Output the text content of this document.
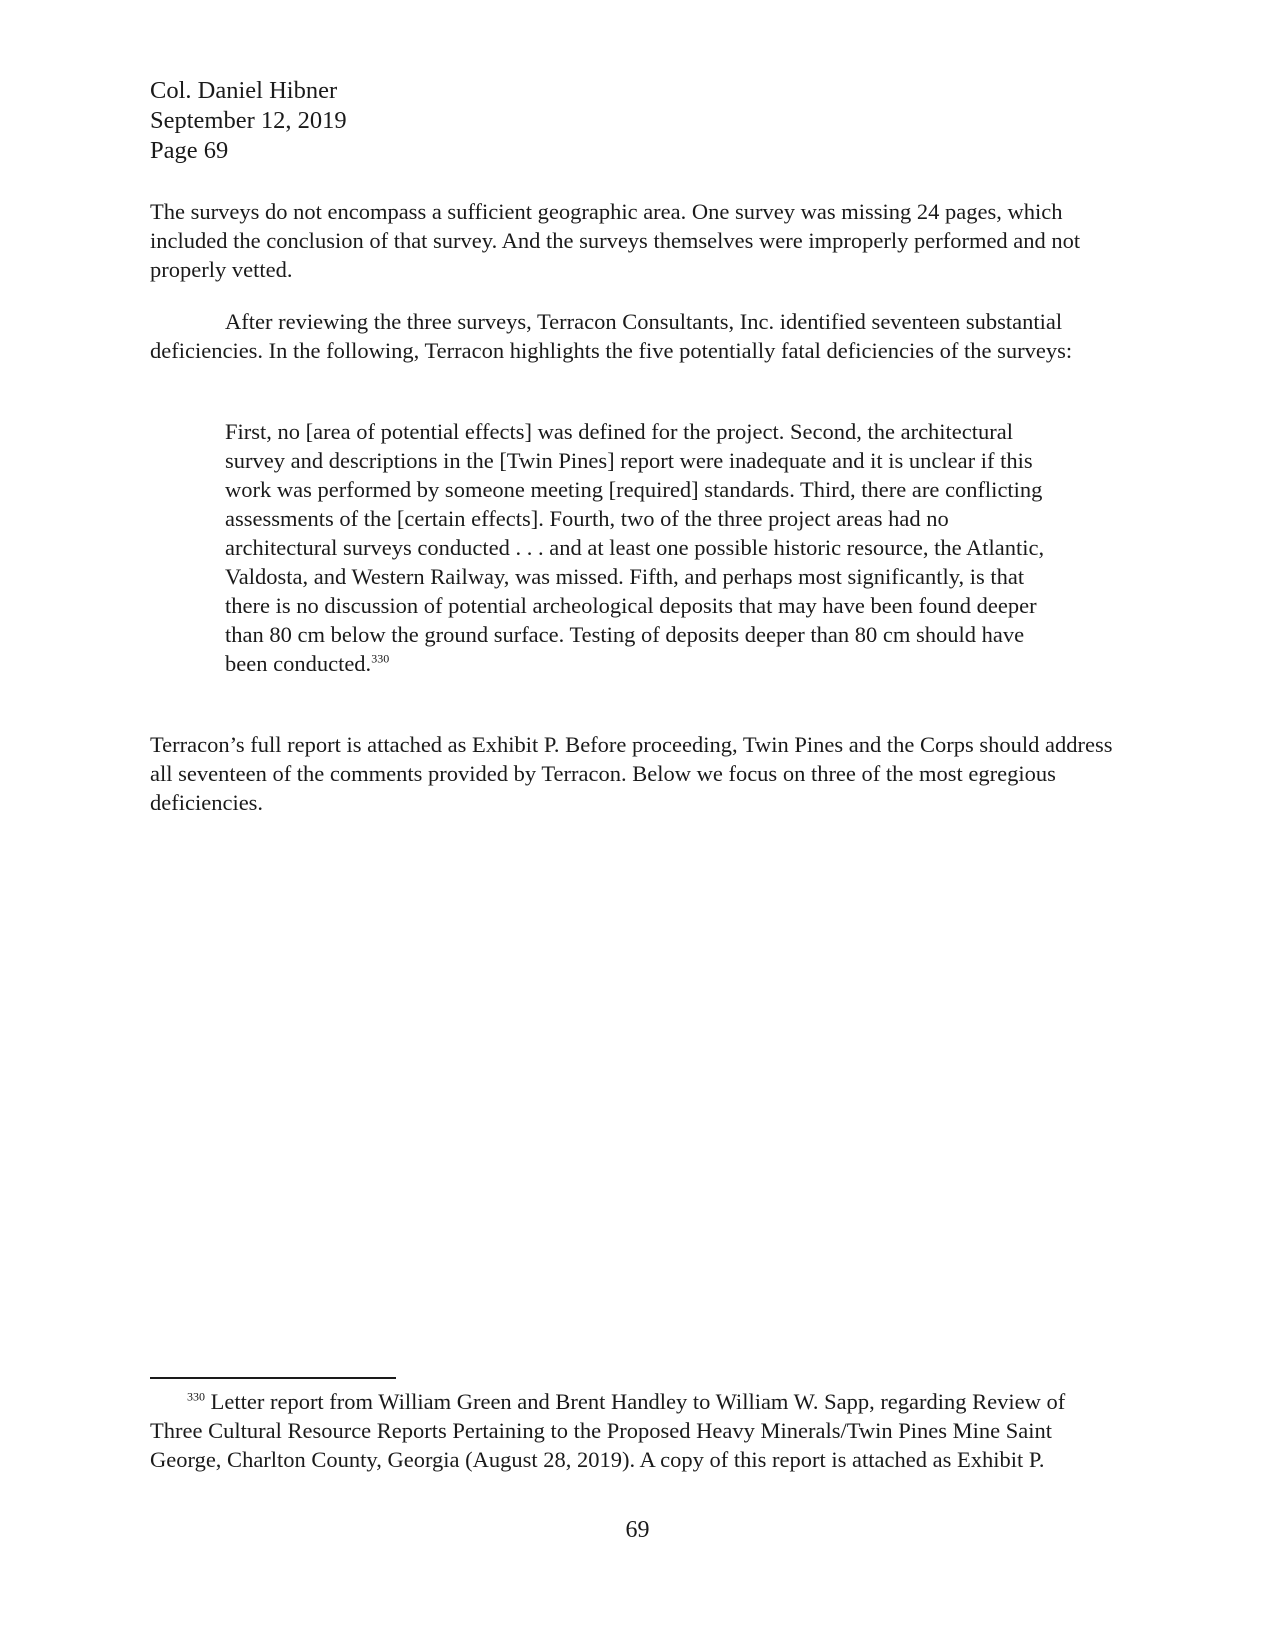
Col. Daniel Hibner
September 12, 2019
Page 69

The surveys do not encompass a sufficient geographic area. One survey was missing 24 pages, which included the conclusion of that survey. And the surveys themselves were improperly performed and not properly vetted.

After reviewing the three surveys, Terracon Consultants, Inc. identified seventeen substantial deficiencies. In the following, Terracon highlights the five potentially fatal deficiencies of the surveys:

First, no [area of potential effects] was defined for the project. Second, the architectural survey and descriptions in the [Twin Pines] report were inadequate and it is unclear if this work was performed by someone meeting [required] standards. Third, there are conflicting assessments of the [certain effects]. Fourth, two of the three project areas had no architectural surveys conducted . . . and at least one possible historic resource, the Atlantic, Valdosta, and Western Railway, was missed. Fifth, and perhaps most significantly, is that there is no discussion of potential archeological deposits that may have been found deeper than 80 cm below the ground surface. Testing of deposits deeper than 80 cm should have been conducted.$^{330}$

Terracon’s full report is attached as Exhibit P. Before proceeding, Twin Pines and the Corps should address all seventeen of the comments provided by Terracon. Below we focus on three of the most egregious deficiencies.

$^{330}$ Letter report from William Green and Brent Handley to William W. Sapp, regarding Review of Three Cultural Resource Reports Pertaining to the Proposed Heavy Minerals/Twin Pines Mine Saint George, Charlton County, Georgia (August 28, 2019). A copy of this report is attached as Exhibit P.

69
